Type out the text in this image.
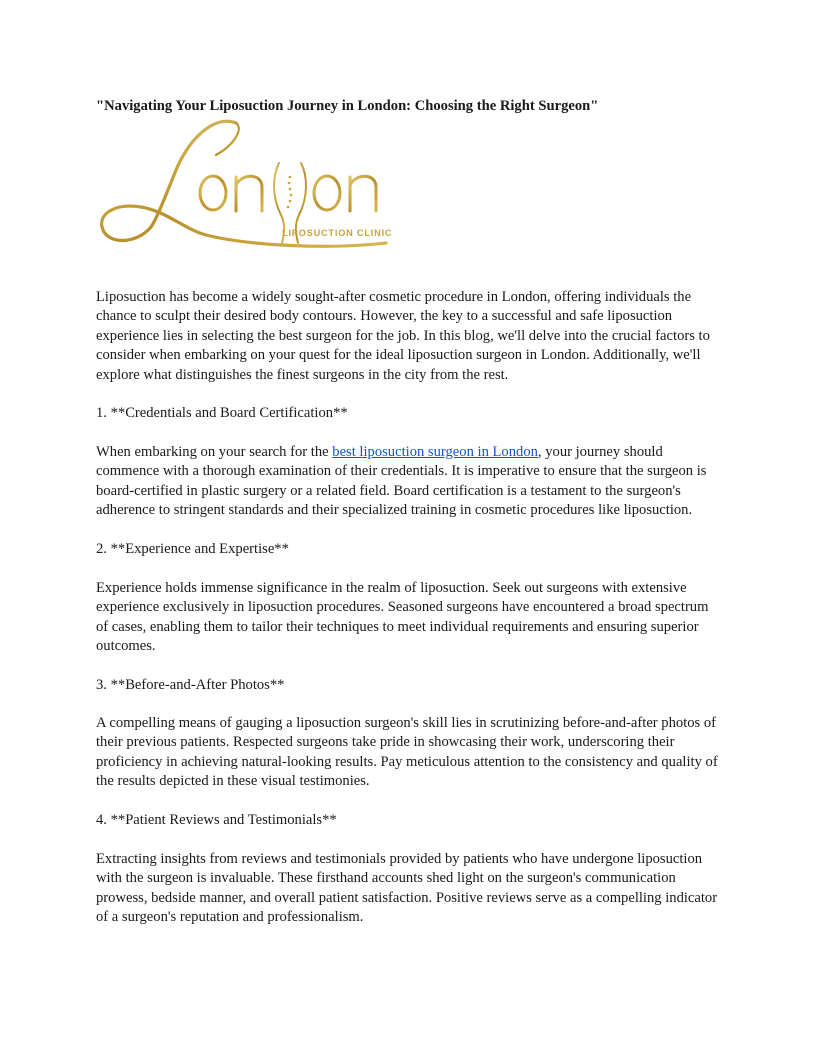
"Navigating Your Liposuction Journey in London: Choosing the Right Surgeon"
LIPOSUCTION CLINIC
Liposuction has become a widely sought-after cosmetic procedure in London, offering individuals the chance to sculpt their desired body contours. However, the key to a successful and safe liposuction experience lies in selecting the best surgeon for the job. In this blog, we'll delve into the crucial factors to consider when embarking on your quest for the ideal liposuction surgeon in London. Additionally, we'll explore what distinguishes the finest surgeons in the city from the rest.
1. **Credentials and Board Certification**
When embarking on your search for the best liposuction surgeon in London, your journey should commence with a thorough examination of their credentials. It is imperative to ensure that the surgeon is board-certified in plastic surgery or a related field. Board certification is a testament to the surgeon's adherence to stringent standards and their specialized training in cosmetic procedures like liposuction.
2. **Experience and Expertise**
Experience holds immense significance in the realm of liposuction. Seek out surgeons with extensive experience exclusively in liposuction procedures. Seasoned surgeons have encountered a broad spectrum of cases, enabling them to tailor their techniques to meet individual requirements and ensuring superior outcomes.
3. **Before-and-After Photos**
A compelling means of gauging a liposuction surgeon's skill lies in scrutinizing before-and-after photos of their previous patients. Respected surgeons take pride in showcasing their work, underscoring their proficiency in achieving natural-looking results. Pay meticulous attention to the consistency and quality of the results depicted in these visual testimonies.
4. **Patient Reviews and Testimonials**
Extracting insights from reviews and testimonials provided by patients who have undergone liposuction with the surgeon is invaluable. These firsthand accounts shed light on the surgeon's communication prowess, bedside manner, and overall patient satisfaction. Positive reviews serve as a compelling indicator of a surgeon's reputation and professionalism.
